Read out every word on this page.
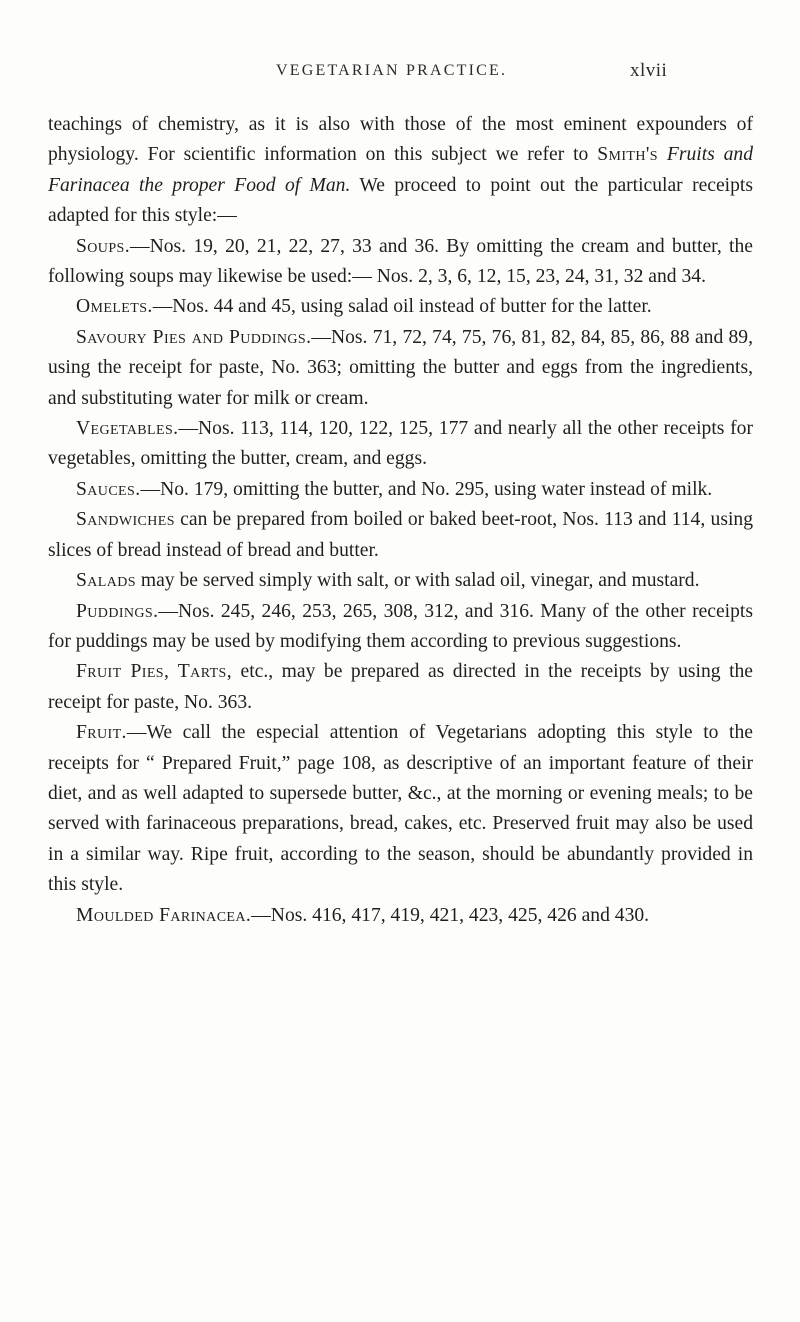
VEGETARIAN PRACTICE.	xlvii

teachings of chemistry, as it is also with those of the most eminent expounders of physiology. For scientific information on this subject we refer to Smith's Fruits and Farinacea the proper Food of Man. We proceed to point out the particular receipts adapted for this style:—

Soups.—Nos. 19, 20, 21, 22, 27, 33 and 36. By omitting the cream and butter, the following soups may likewise be used:— Nos. 2, 3, 6, 12, 15, 23, 24, 31, 32 and 34.

Omelets.—Nos. 44 and 45, using salad oil instead of butter for the latter.

Savoury Pies and Puddings.—Nos. 71, 72, 74, 75, 76, 81, 82, 84, 85, 86, 88 and 89, using the receipt for paste, No. 363; omitting the butter and eggs from the ingredients, and substituting water for milk or cream.

Vegetables.—Nos. 113, 114, 120, 122, 125, 177 and nearly all the other receipts for vegetables, omitting the butter, cream, and eggs.

Sauces.—No. 179, omitting the butter, and No. 295, using water instead of milk.

Sandwiches can be prepared from boiled or baked beet-root, Nos. 113 and 114, using slices of bread instead of bread and butter.

Salads may be served simply with salt, or with salad oil, vinegar, and mustard.

Puddings.—Nos. 245, 246, 253, 265, 308, 312, and 316. Many of the other receipts for puddings may be used by modifying them according to previous suggestions.

Fruit Pies, Tarts, etc., may be prepared as directed in the receipts by using the receipt for paste, No. 363.

Fruit.—We call the especial attention of Vegetarians adopting this style to the receipts for “ Prepared Fruit,” page 108, as descriptive of an important feature of their diet, and as well adapted to supersede butter, &c., at the morning or evening meals; to be served with farinaceous preparations, bread, cakes, etc. Preserved fruit may also be used in a similar way. Ripe fruit, according to the season, should be abundantly provided in this style.

Moulded Farinacea.—Nos. 416, 417, 419, 421, 423, 425, 426 and 430.
